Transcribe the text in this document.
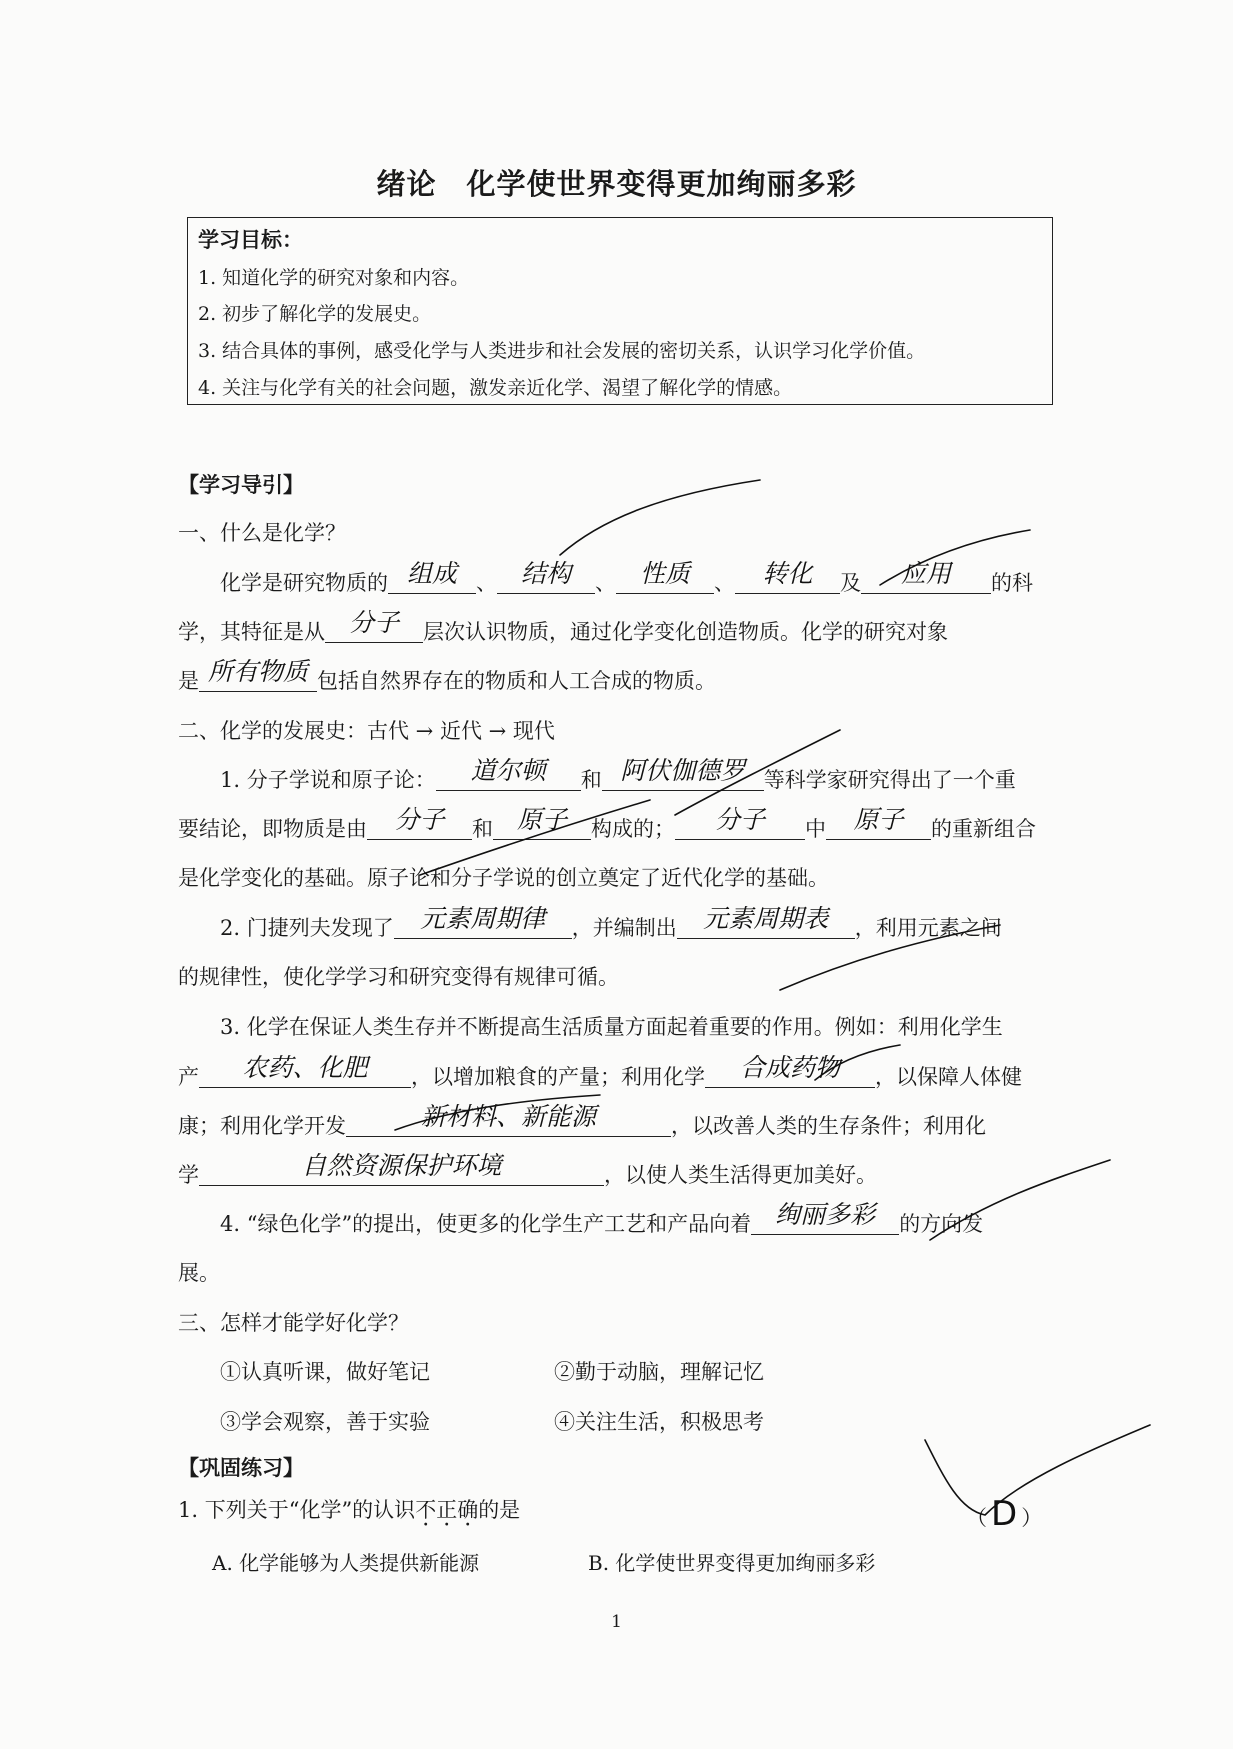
绪论　化学使世界变得更加绚丽多彩
学习目标：
1. 知道化学的研究对象和内容。
2. 初步了解化学的发展史。
3. 结合具体的事例，感受化学与人类进步和社会发展的密切关系，认识学习化学价值。
4. 关注与化学有关的社会问题，激发亲近化学、渴望了解化学的情感。
【学习导引】
一、什么是化学？
化学是研究物质的 组成 、 结构 、 性质 、 转化 及 应用 的科
学，其特征是从 分子 层次认识物质，通过化学变化创造物质。化学的研究对象
是 所有物质 包括自然界存在的物质和人工合成的物质。
二、化学的发展史：古代 → 近代 → 现代
1. 分子学说和原子论： 道尔顿 和 阿伏伽德罗 等科学家研究得出了一个重
要结论，即物质是由 分子 和 原子 构成的； 分子 中 原子 的重新组合
是化学变化的基础。原子论和分子学说的创立奠定了近代化学的基础。
2. 门捷列夫发现了 元素周期律 ，并编制出 元素周期表 ，利用元素之间
的规律性，使化学学习和研究变得有规律可循。
3. 化学在保证人类生存并不断提高生活质量方面起着重要的作用。例如：利用化学生
产 农药、化肥 ，以增加粮食的产量；利用化学 合成药物 ，以保障人体健
康；利用化学开发	新材料、新能源	，以改善人类的生存条件；利用化
学	自然资源保护环境	，以使人类生活得更加美好。
4. “绿色化学”的提出，使更多的化学生产工艺和产品向着 绚丽多彩 的方向发
展。
三、怎样才能学好化学？
①认真听课，做好笔记	②勤于动脑，理解记忆
③学会观察，善于实验	④关注生活，积极思考
【巩固练习】
1. 下列关于“化学”的认识不正确的是	（ D ）
A. 化学能够为人类提供新能源	B. 化学使世界变得更加绚丽多彩
1
